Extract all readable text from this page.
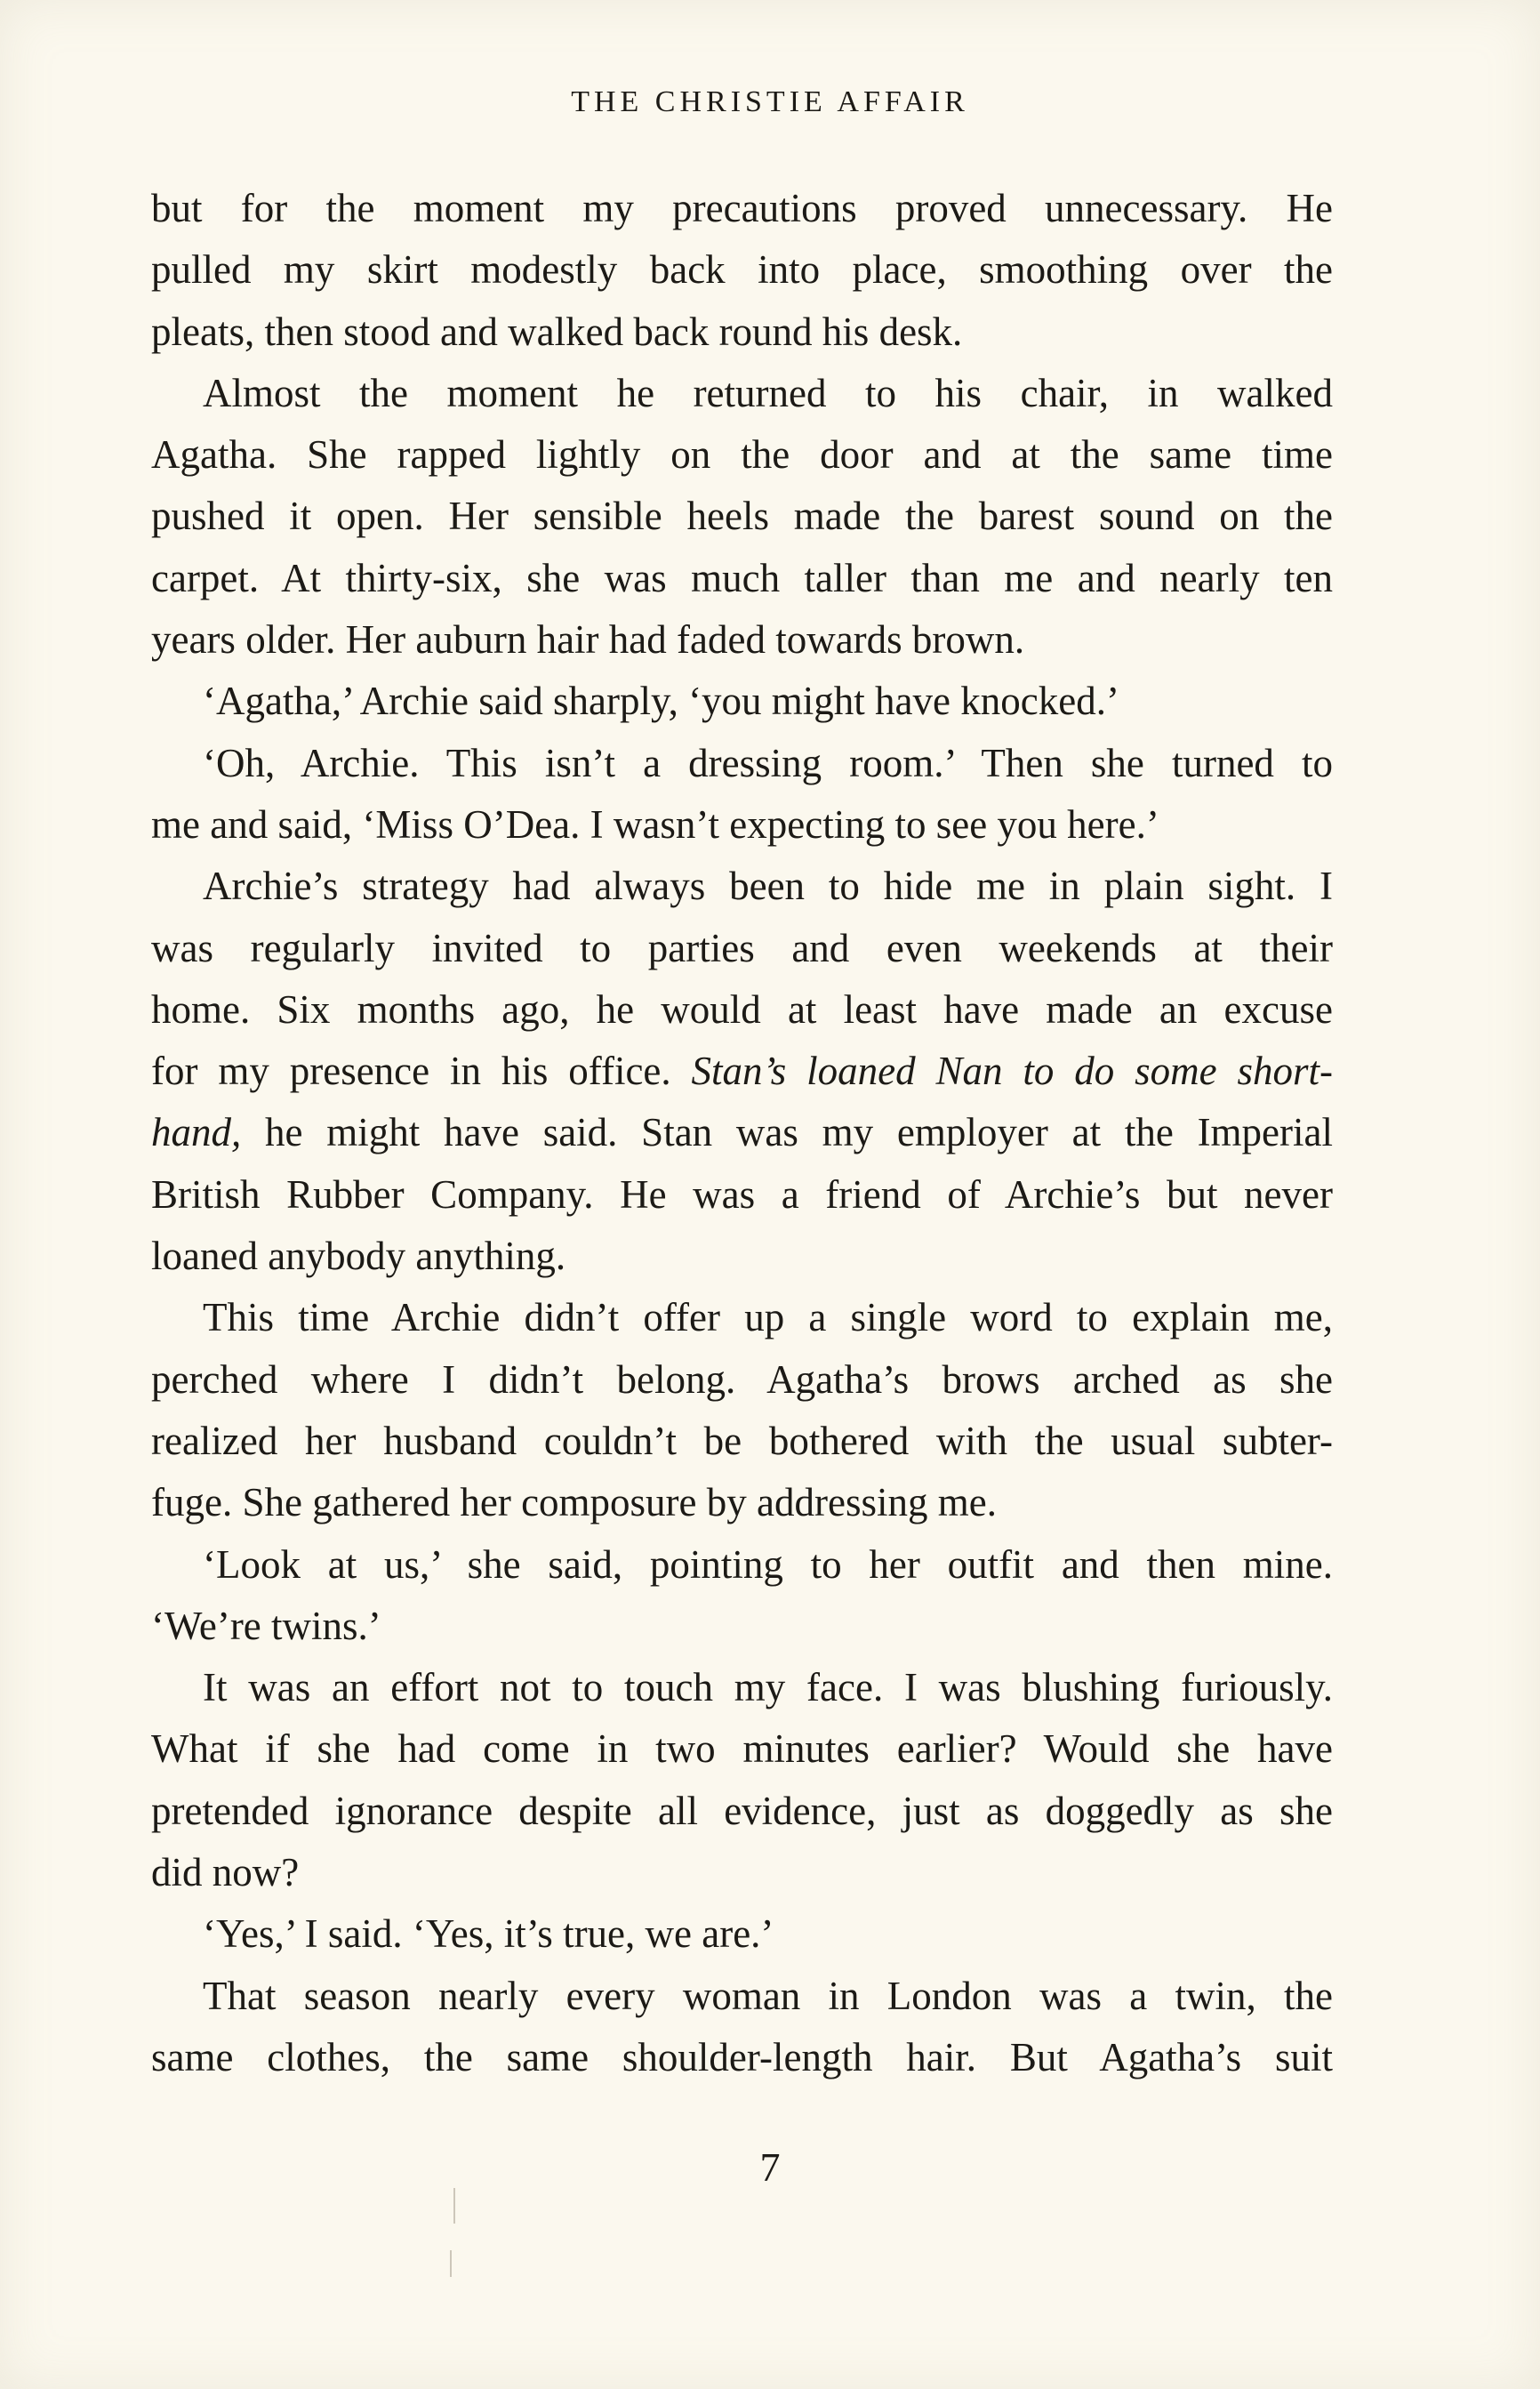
THE CHRISTIE AFFAIR
but for the moment my precautions proved unnecessary. He
pulled my skirt modestly back into place, smoothing over the
pleats, then stood and walked back round his desk.
Almost the moment he returned to his chair, in walked
Agatha. She rapped lightly on the door and at the same time
pushed it open. Her sensible heels made the barest sound on the
carpet. At thirty-six, she was much taller than me and nearly ten
years older. Her auburn hair had faded towards brown.
‘Agatha,’ Archie said sharply, ‘you might have knocked.’
‘Oh, Archie. This isn’t a dressing room.’ Then she turned to
me and said, ‘Miss O’Dea. I wasn’t expecting to see you here.’
Archie’s strategy had always been to hide me in plain sight. I
was regularly invited to parties and even weekends at their
home. Six months ago, he would at least have made an excuse
for my presence in his office. Stan’s loaned Nan to do some short-
hand, he might have said. Stan was my employer at the Imperial
British Rubber Company. He was a friend of Archie’s but never
loaned anybody anything.
This time Archie didn’t offer up a single word to explain me,
perched where I didn’t belong. Agatha’s brows arched as she
realized her husband couldn’t be bothered with the usual subter-
fuge. She gathered her composure by addressing me.
‘Look at us,’ she said, pointing to her outfit and then mine.
‘We’re twins.’
It was an effort not to touch my face. I was blushing furiously.
What if she had come in two minutes earlier? Would she have
pretended ignorance despite all evidence, just as doggedly as she
did now?
‘Yes,’ I said. ‘Yes, it’s true, we are.’
That season nearly every woman in London was a twin, the
same clothes, the same shoulder-length hair. But Agatha’s suit
7
